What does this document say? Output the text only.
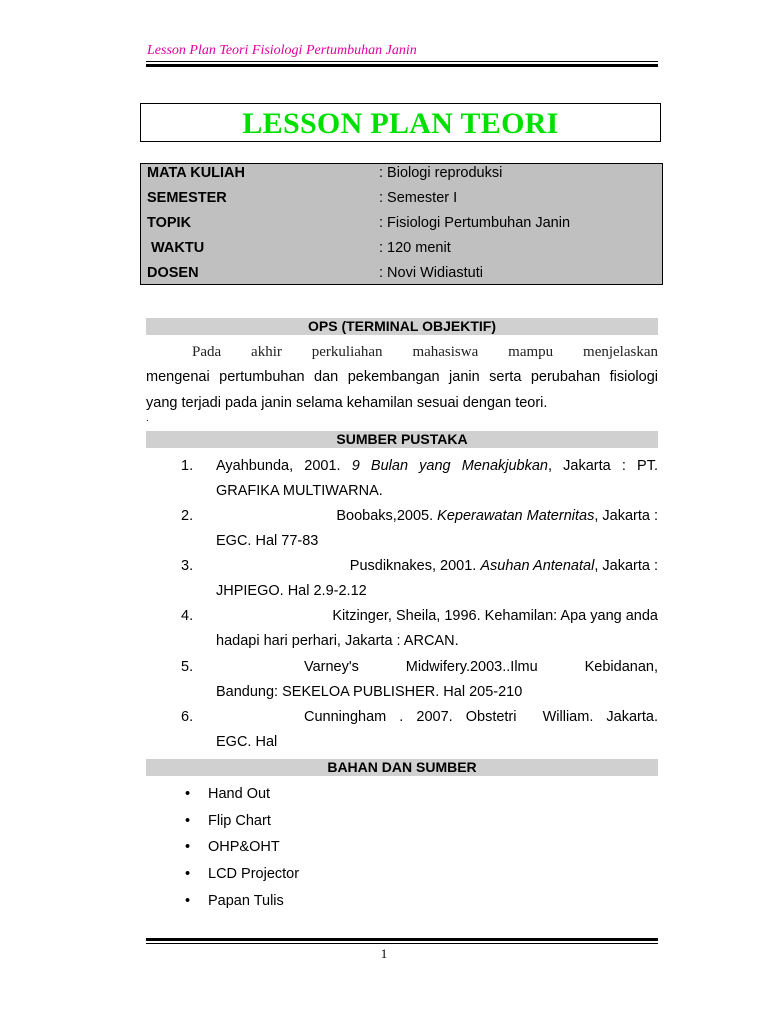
Lesson Plan Teori Fisiologi Pertumbuhan Janin
LESSON PLAN TEORI
MATA KULIAH	: Biologi reproduksi
SEMESTER	: Semester I
TOPIK	: Fisiologi Pertumbuhan Janin
WAKTU	: 120 menit
DOSEN	: Novi Widiastuti
OPS (TERMINAL OBJEKTIF)
Pada akhir perkuliahan mahasiswa mampu menjelaskan
mengenai pertumbuhan dan pekembangan janin serta perubahan fisiologi
yang terjadi pada janin selama kehamilan sesuai dengan teori.
.
SUMBER PUSTAKA
1. Ayahbunda, 2001. 9 Bulan yang Menakjubkan, Jakarta : PT.
GRAFIKA MULTIWARNA.
2.	Boobaks,2005. Keperawatan Maternitas, Jakarta :
EGC. Hal 77-83
3.	Pusdiknakes, 2001. Asuhan Antenatal, Jakarta :
JHPIEGO. Hal 2.9-2.12
4.	Kitzinger, Sheila, 1996. Kehamilan: Apa yang anda
hadapi hari perhari, Jakarta : ARCAN.
5.	Varney's Midwifery.2003..Ilmu Kebidanan,
Bandung: SEKELOA PUBLISHER. Hal 205-210
6.	Cunningham . 2007. Obstetri  William. Jakarta.
EGC. Hal
BAHAN DAN SUMBER
• Hand Out
• Flip Chart
• OHP&OHT
• LCD Projector
• Papan Tulis
1
